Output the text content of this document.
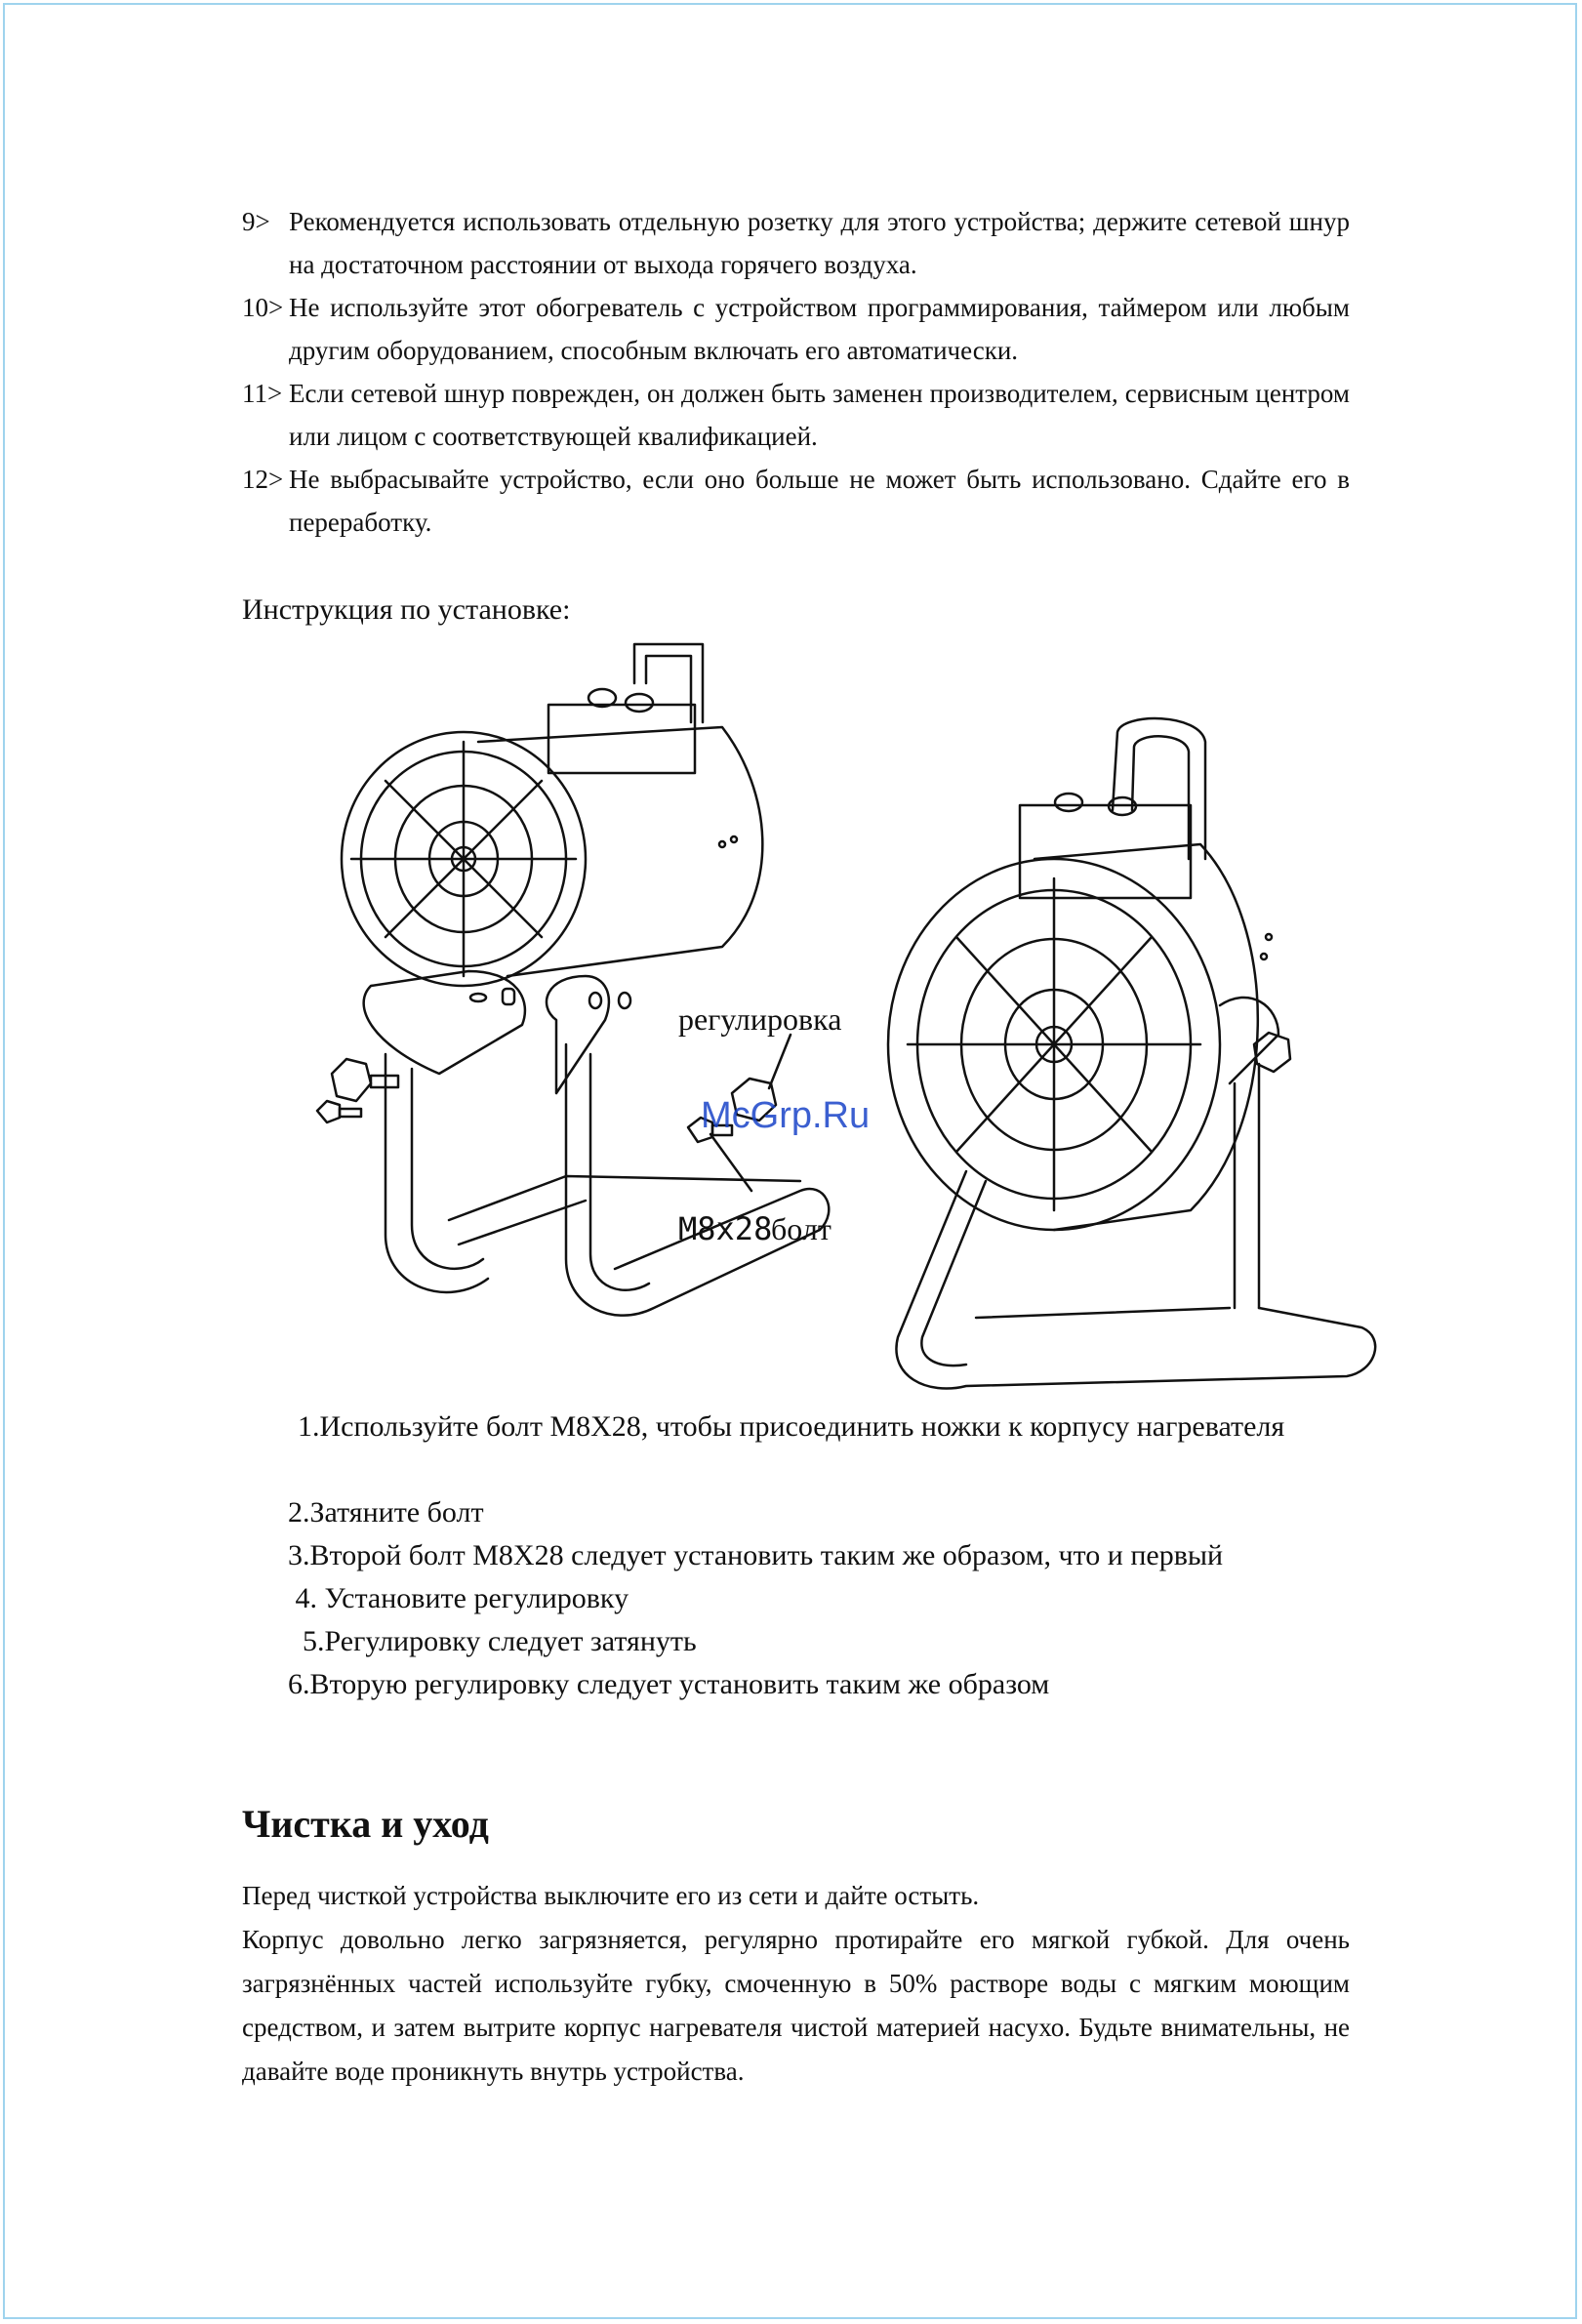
9> Рекомендуется использовать отдельную розетку для этого устройства; держите сетевой шнур на достаточном расстоянии от выхода горячего воздуха.
10> Не используйте этот обогреватель с устройством программирования, таймером или любым другим оборудованием, способным включать его автоматически.
11> Если сетевой шнур поврежден, он должен быть заменен производителем, сервисным центром или лицом с соответствующей квалификацией.
12> Не выбрасывайте устройство, если оно больше не может быть использовано. Сдайте его в переработку.
Инструкция по установке:
регулировка
M8x28
болт
McGrp.Ru
1.Используйте болт M8X28, чтобы присоединить ножки к корпусу нагревателя
2.Затяните болт
3.Второй болт M8X28 следует установить таким же образом, что и первый
4. Установите регулировку
5.Регулировку следует затянуть
6.Вторую регулировку следует установить таким же образом
Чистка и уход
Перед чисткой устройства выключите его из сети и дайте остыть.
Корпус довольно легко загрязняется, регулярно протирайте его мягкой губкой. Для очень загрязнённых частей используйте губку, смоченную в 50% растворе воды с мягким моющим средством, и затем вытрите корпус нагревателя чистой материей насухо. Будьте внимательны, не давайте воде проникнуть внутрь устройства.
